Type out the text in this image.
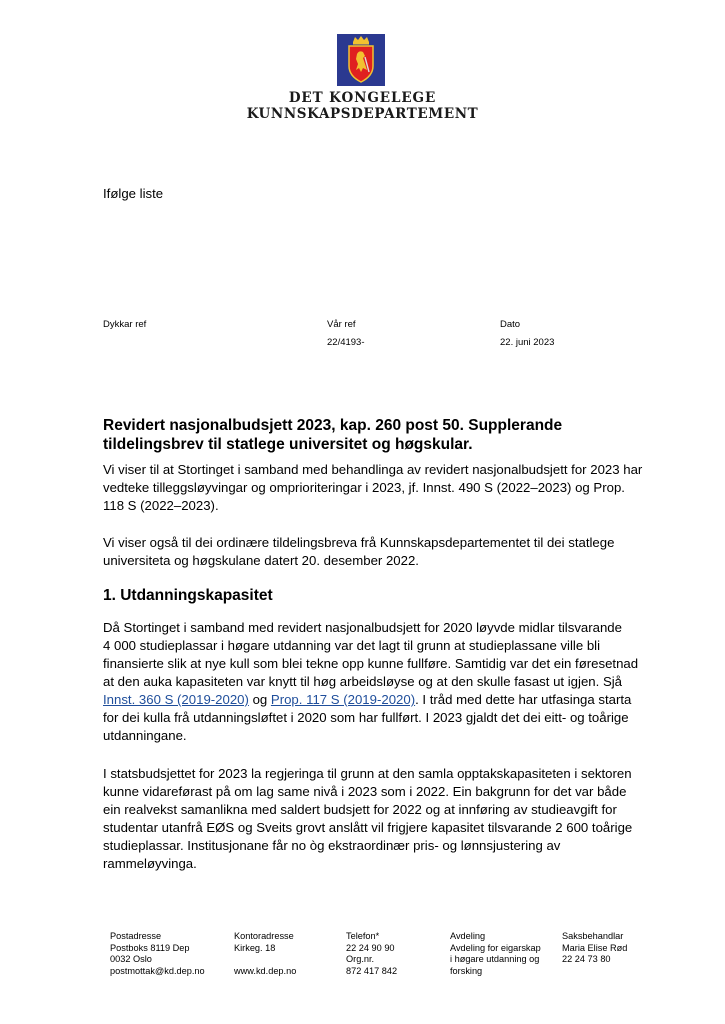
DET KONGELEGE
KUNNSKAPSDEPARTEMENT
Ifølge liste
Dykkar ref	Vår ref
22/4193-
Dato
22. juni 2023
Revidert nasjonalbudsjett 2023, kap. 260 post 50. Supplerande
tildelingsbrev til statlege universitet og høgskular.
Vi viser til at Stortinget i samband med behandlinga av revidert nasjonalbudsjett for 2023 har
vedteke tilleggsløyvingar og omprioriteringar i 2023, jf. Innst. 490 S (2022–2023) og Prop.
118 S (2022–2023).
Vi viser også til dei ordinære tildelingsbreva frå Kunnskapsdepartementet til dei statlege
universiteta og høgskulane datert 20. desember 2022.
1. Utdanningskapasitet
Då Stortinget i samband med revidert nasjonalbudsjett for 2020 løyvde midlar tilsvarande
4 000 studieplassar i høgare utdanning var det lagt til grunn at studieplassane ville bli
finansierte slik at nye kull som blei tekne opp kunne fullføre. Samtidig var det ein føresetnad
at den auka kapasiteten var knytt til høg arbeidsløyse og at den skulle fasast ut igjen. Sjå
Innst. 360 S (2019-2020) og Prop. 117 S (2019-2020). I tråd med dette har utfasinga starta
for dei kulla frå utdanningsløftet i 2020 som har fullført. I 2023 gjaldt det dei eitt- og toårige
utdanningane.
I statsbudsjettet for 2023 la regjeringa til grunn at den samla opptakskapasiteten i sektoren
kunne vidareførast på om lag same nivå i 2023 som i 2022. Ein bakgrunn for det var både
ein realvekst samanlikna med saldert budsjett for 2022 og at innføring av studieavgift for
studentar utanfrå EØS og Sveits grovt anslått vil frigjere kapasitet tilsvarande 2 600 toårige
studieplassar. Institusjonane får no òg ekstraordinær pris- og lønnsjustering av
rammeløyvinga.
Postadresse
Postboks 8119 Dep
0032 Oslo
postmottak@kd.dep.no
Kontoradresse
Kirkeg. 18

www.kd.dep.no
Telefon*
22 24 90 90
Org.nr.
872 417 842
Avdeling
Avdeling for eigarskap
i høgare utdanning og
forsking
Saksbehandlar
Maria Elise Rød
22 24 73 80
